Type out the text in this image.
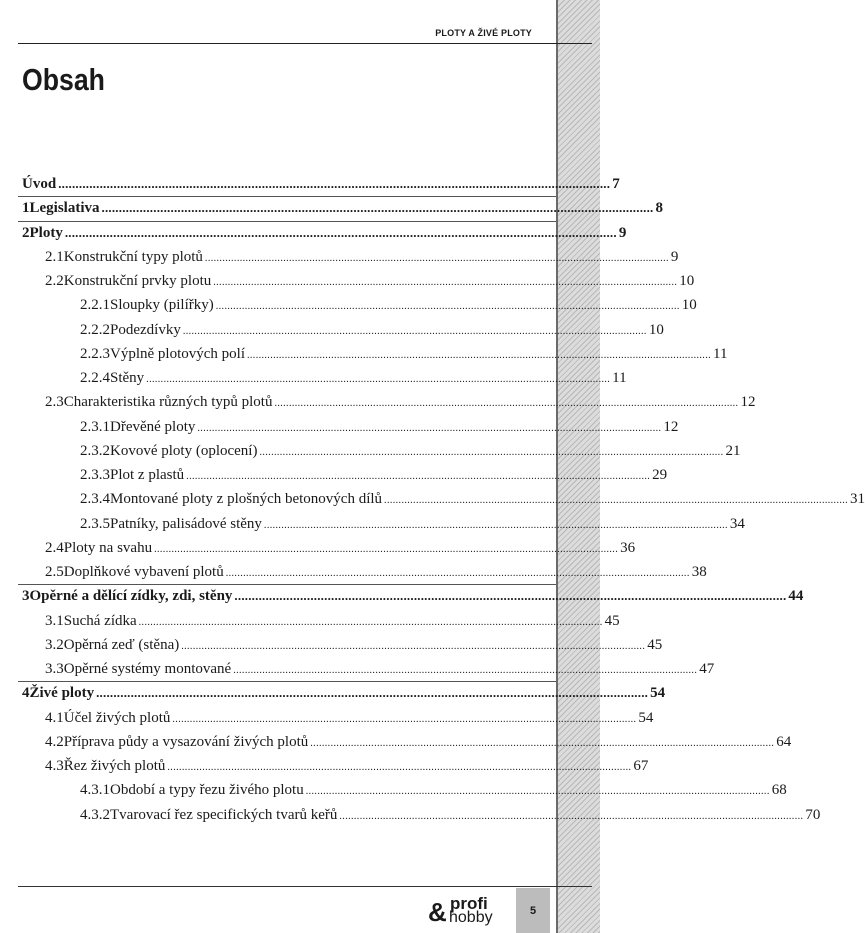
PLOTY A ŽIVÉ PLOTY
Obsah
Úvod ................................................................................................................................................................ 7
1 Legislativa ................................................................................................................................................................ 8
2 Ploty ................................................................................................................................................................ 9
2.1 Konstrukční typy plotů ................................................................................................................................................................ 9
2.2 Konstrukční prvky plotu ................................................................................................................................................................ 10
2.2.1 Sloupky (pilířky) ................................................................................................................................................................ 10
2.2.2 Podezdívky ................................................................................................................................................................ 10
2.2.3 Výplně plotových polí ................................................................................................................................................................ 11
2.2.4 Stěny ................................................................................................................................................................ 11
2.3 Charakteristika různých typů plotů ................................................................................................................................................................ 12
2.3.1 Dřevěné ploty ................................................................................................................................................................ 12
2.3.2 Kovové ploty (oplocení) ................................................................................................................................................................ 21
2.3.3 Plot z plastů ................................................................................................................................................................ 29
2.3.4 Montované ploty z plošných betonových dílů ................................................................................................................................................................ 31
2.3.5 Patníky, palisádové stěny ................................................................................................................................................................ 34
2.4 Ploty na svahu ................................................................................................................................................................ 36
2.5 Doplňkové vybavení plotů ................................................................................................................................................................ 38
3 Opěrné a dělící zídky, zdi, stěny ................................................................................................................................................................ 44
3.1 Suchá zídka ................................................................................................................................................................ 45
3.2 Opěrná zeď (stěna) ................................................................................................................................................................ 45
3.3 Opěrné systémy montované ................................................................................................................................................................ 47
4 Živé ploty ................................................................................................................................................................ 54
4.1 Účel živých plotů ................................................................................................................................................................ 54
4.2 Příprava půdy a vysazování živých plotů ................................................................................................................................................................ 64
4.3 Řez živých plotů ................................................................................................................................................................ 67
4.3.1 Období a typy řezu živého plotu ................................................................................................................................................................ 68
4.3.2 Tvarovací řez specifických tvarů keřů ................................................................................................................................................................ 70
& profi
hobby	5
